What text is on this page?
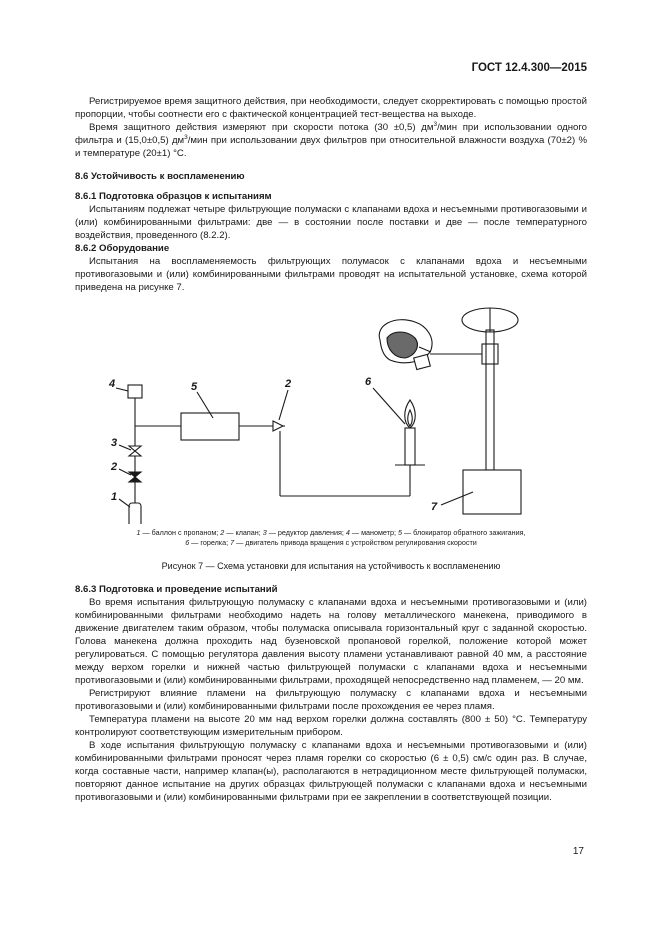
ГОСТ 12.4.300—2015

Регистрируемое время защитного действия, при необходимости, следует скорректировать с помощью простой пропорции, чтобы соотнести его с фактической концентрацией тест-вещества на выходе.

Время защитного действия измеряют при скорости потока (30 ±0,5) $дм^3$/мин при использовании одного фильтра и (15,0±0,5) $дм^3$/мин при использовании двух фильтров при относительной влажности воздуха (70±2) % и температуре (20±1) °С.

8.6 Устойчивость к воспламенению

8.6.1 Подготовка образцов к испытаниям

Испытаниям подлежат четыре фильтрующие полумаски с клапанами вдоха и несъемными противогазовыми и (или) комбинированными фильтрами: две — в состоянии после поставки и две — после температурного воздействия, проведенного (8.2.2).

8.6.2 Оборудование

Испытания на воспламеняемость фильтрующих полумасок с клапанами вдоха и несъемными противогазовыми и (или) комбинированными фильтрами проводят на испытательной установке, схема которой приведена на рисунке 7.

7
4
1
2
3
5	2	6
1 — баллон с пропаном; 2 — клапан; 3 — редуктор давления; 4 — манометр; 5 — блокиратор обратного зажигания,
6 — горелка; 7 — двигатель привода вращения с устройством регулирования скорости
Рисунок 7 — Схема установки для испытания на устойчивость к воспламенению

8.6.3 Подготовка и проведение испытаний

Во время испытания фильтрующую полумаску с клапанами вдоха и несъемными противогазовыми и (или) комбинированными фильтрами необходимо надеть на голову металлического манекена, приводимого в движение двигателем таким образом, чтобы полумаска описывала горизонтальный круг с заданной скоростью. Голова манекена должна проходить над бузеновской пропановой горелкой, положение которой может регулироваться. С помощью регулятора давления высоту пламени устанавливают равной 40 мм, а расстояние между верхом горелки и нижней частью фильтрующей полумаски с клапанами вдоха и несъемными противогазовыми и (или) комбинированными фильтрами, проходящей непосредственно над пламенем, — 20 мм.

Регистрируют влияние пламени на фильтрующую полумаску с клапанами вдоха и несъемными противогазовыми и (или) комбинированными фильтрами после прохождения ее через пламя.

Температура пламени на высоте 20 мм над верхом горелки должна составлять (800 ± 50) °С. Температуру контролируют соответствующим измерительным прибором.

В ходе испытания фильтрующую полумаску с клапанами вдоха и несъемными противогазовыми и (или) комбинированными фильтрами проносят через пламя горелки со скоростью (6 ± 0,5) см/с один раз. В случае, когда составные части, например клапан(ы), располагаются в нетрадиционном месте фильтрующей полумаски, повторяют данное испытание на других образцах фильтрующей полумаски с клапанами вдоха и несъемными противогазовыми и (или) комбинированными фильтрами при ее закреплении в соответствующей позиции.

17
